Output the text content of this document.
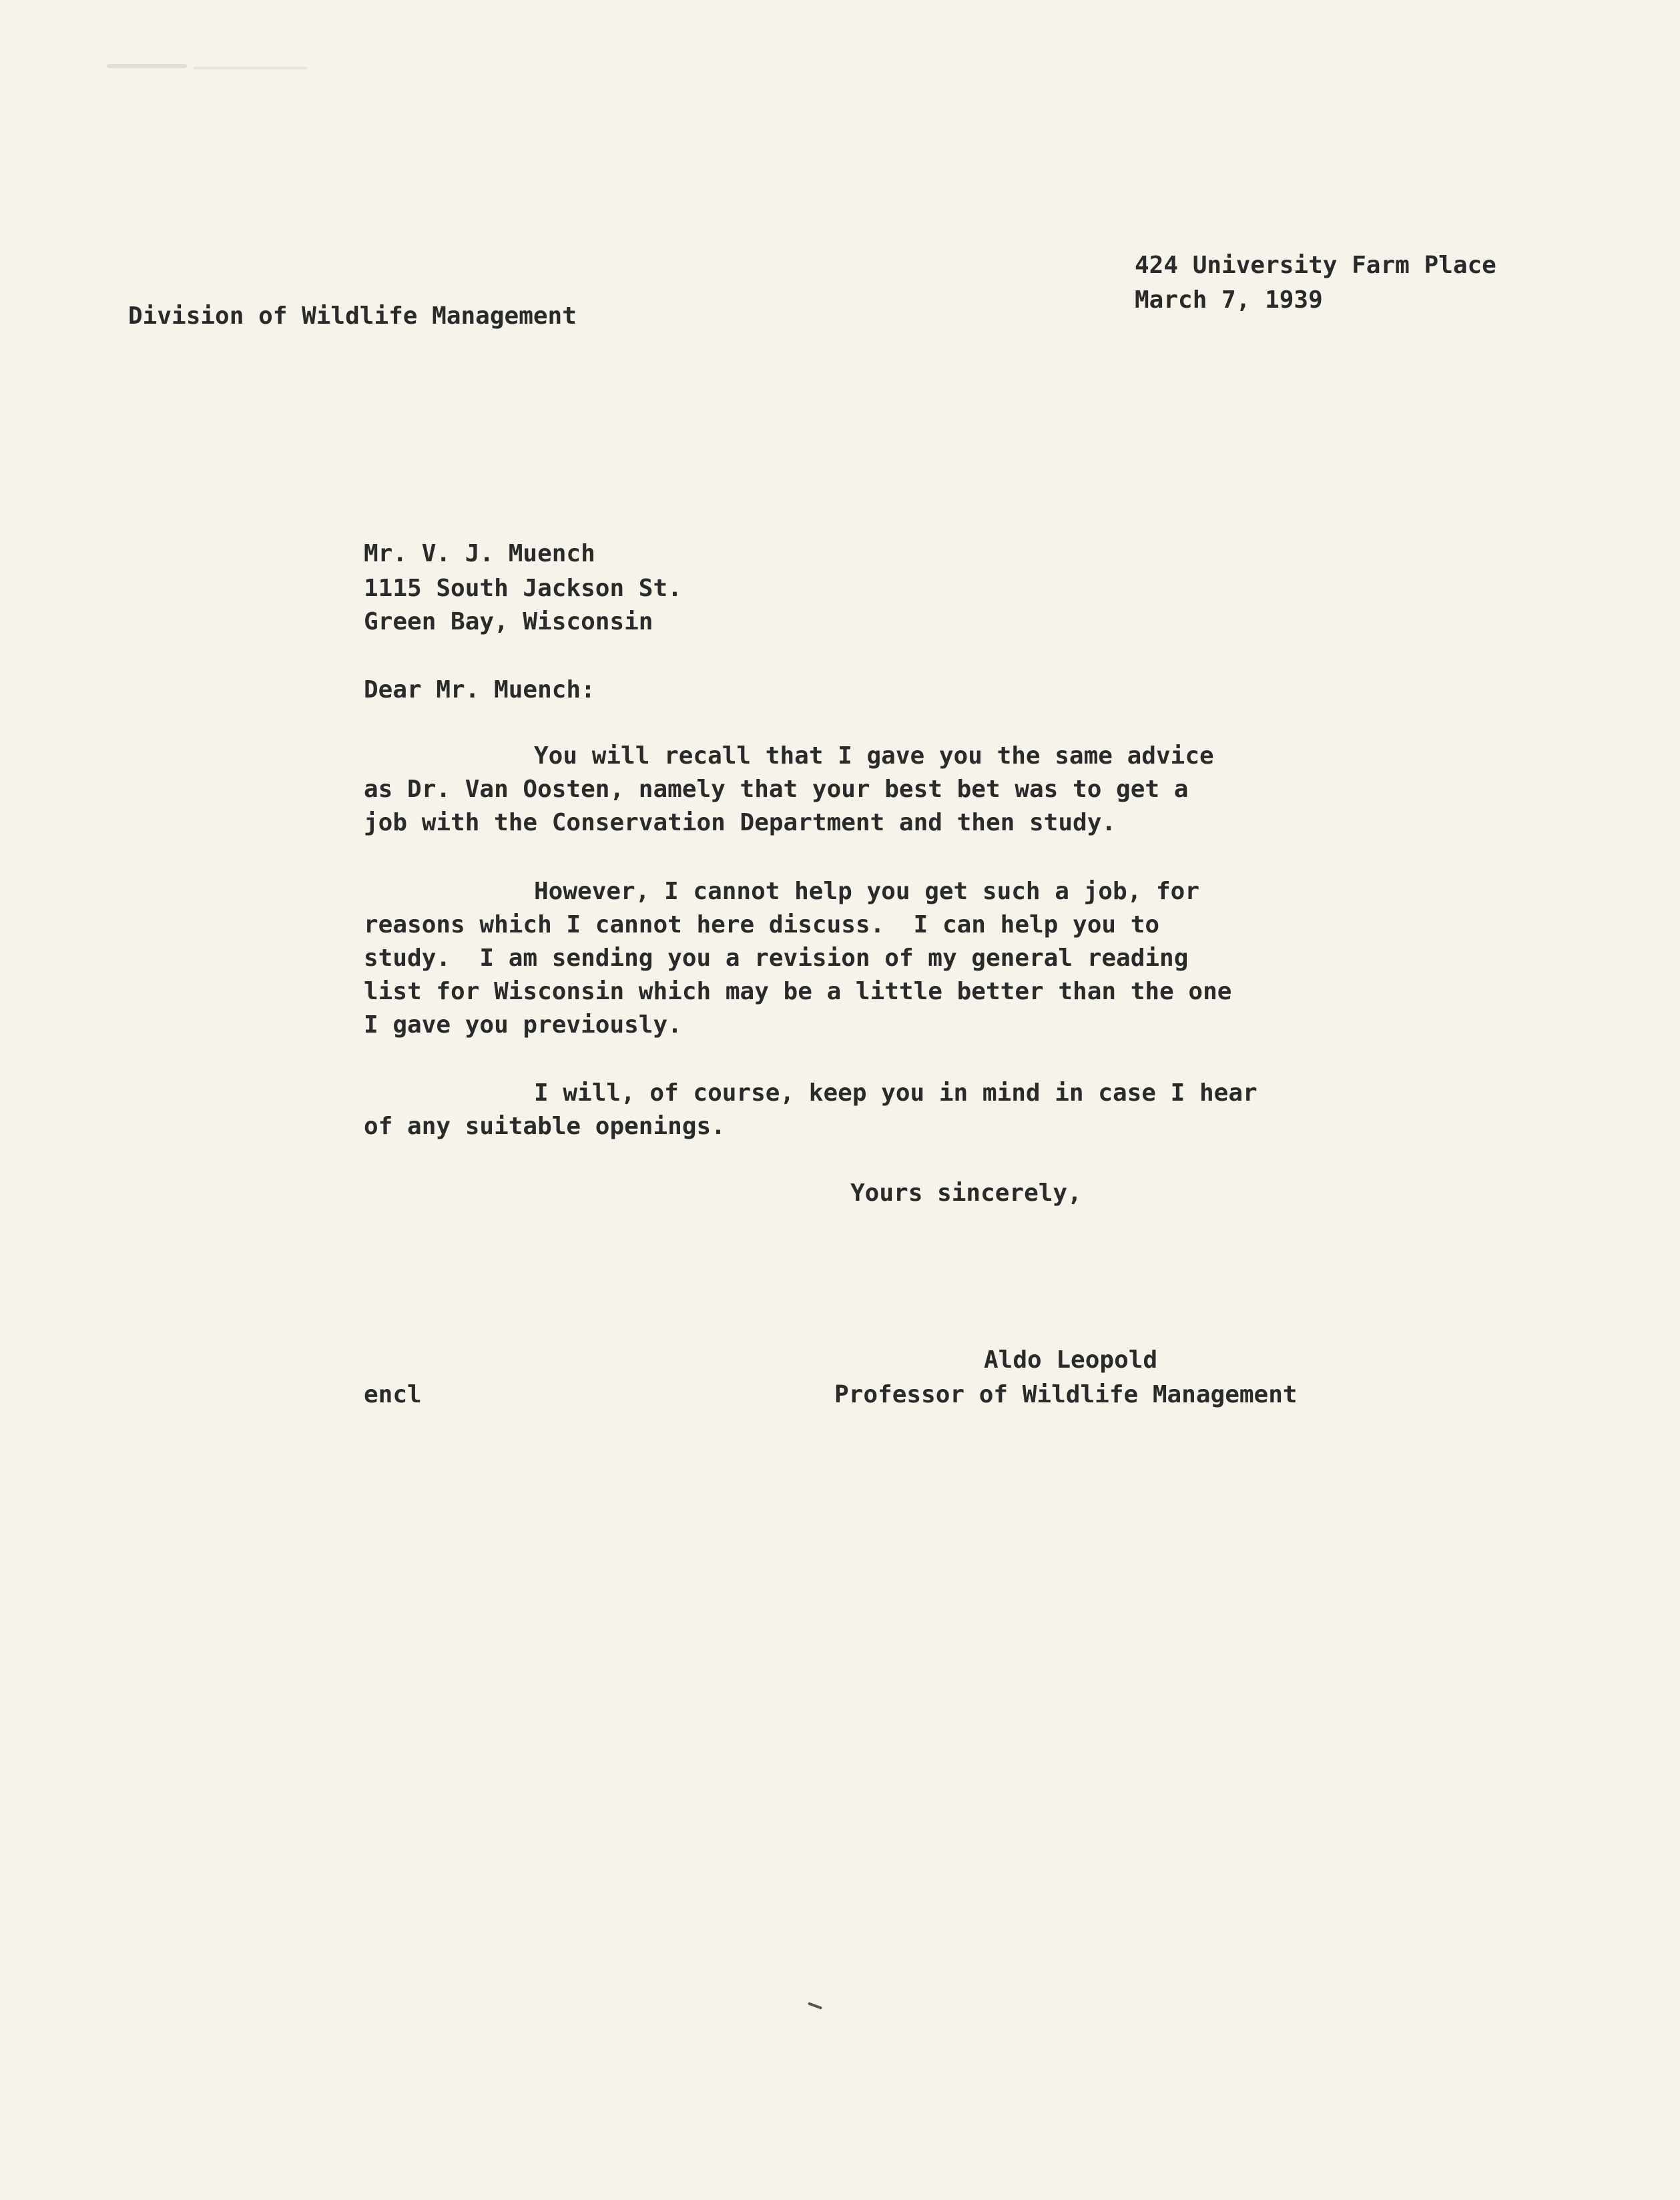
424 University Farm Place
March 7, 1939
Division of Wildlife Management
Mr. V. J. Muench
1115 South Jackson St.
Green Bay, Wisconsin
Dear Mr. Muench:
You will recall that I gave you the same advice
as Dr. Van Oosten, namely that your best bet was to get a
job with the Conservation Department and then study.
However, I cannot help you get such a job, for
reasons which I cannot here discuss.  I can help you to
study.  I am sending you a revision of my general reading
list for Wisconsin which may be a little better than the one
I gave you previously.
I will, of course, keep you in mind in case I hear
of any suitable openings.
Yours sincerely,
Aldo Leopold
encl	Professor of Wildlife Management
